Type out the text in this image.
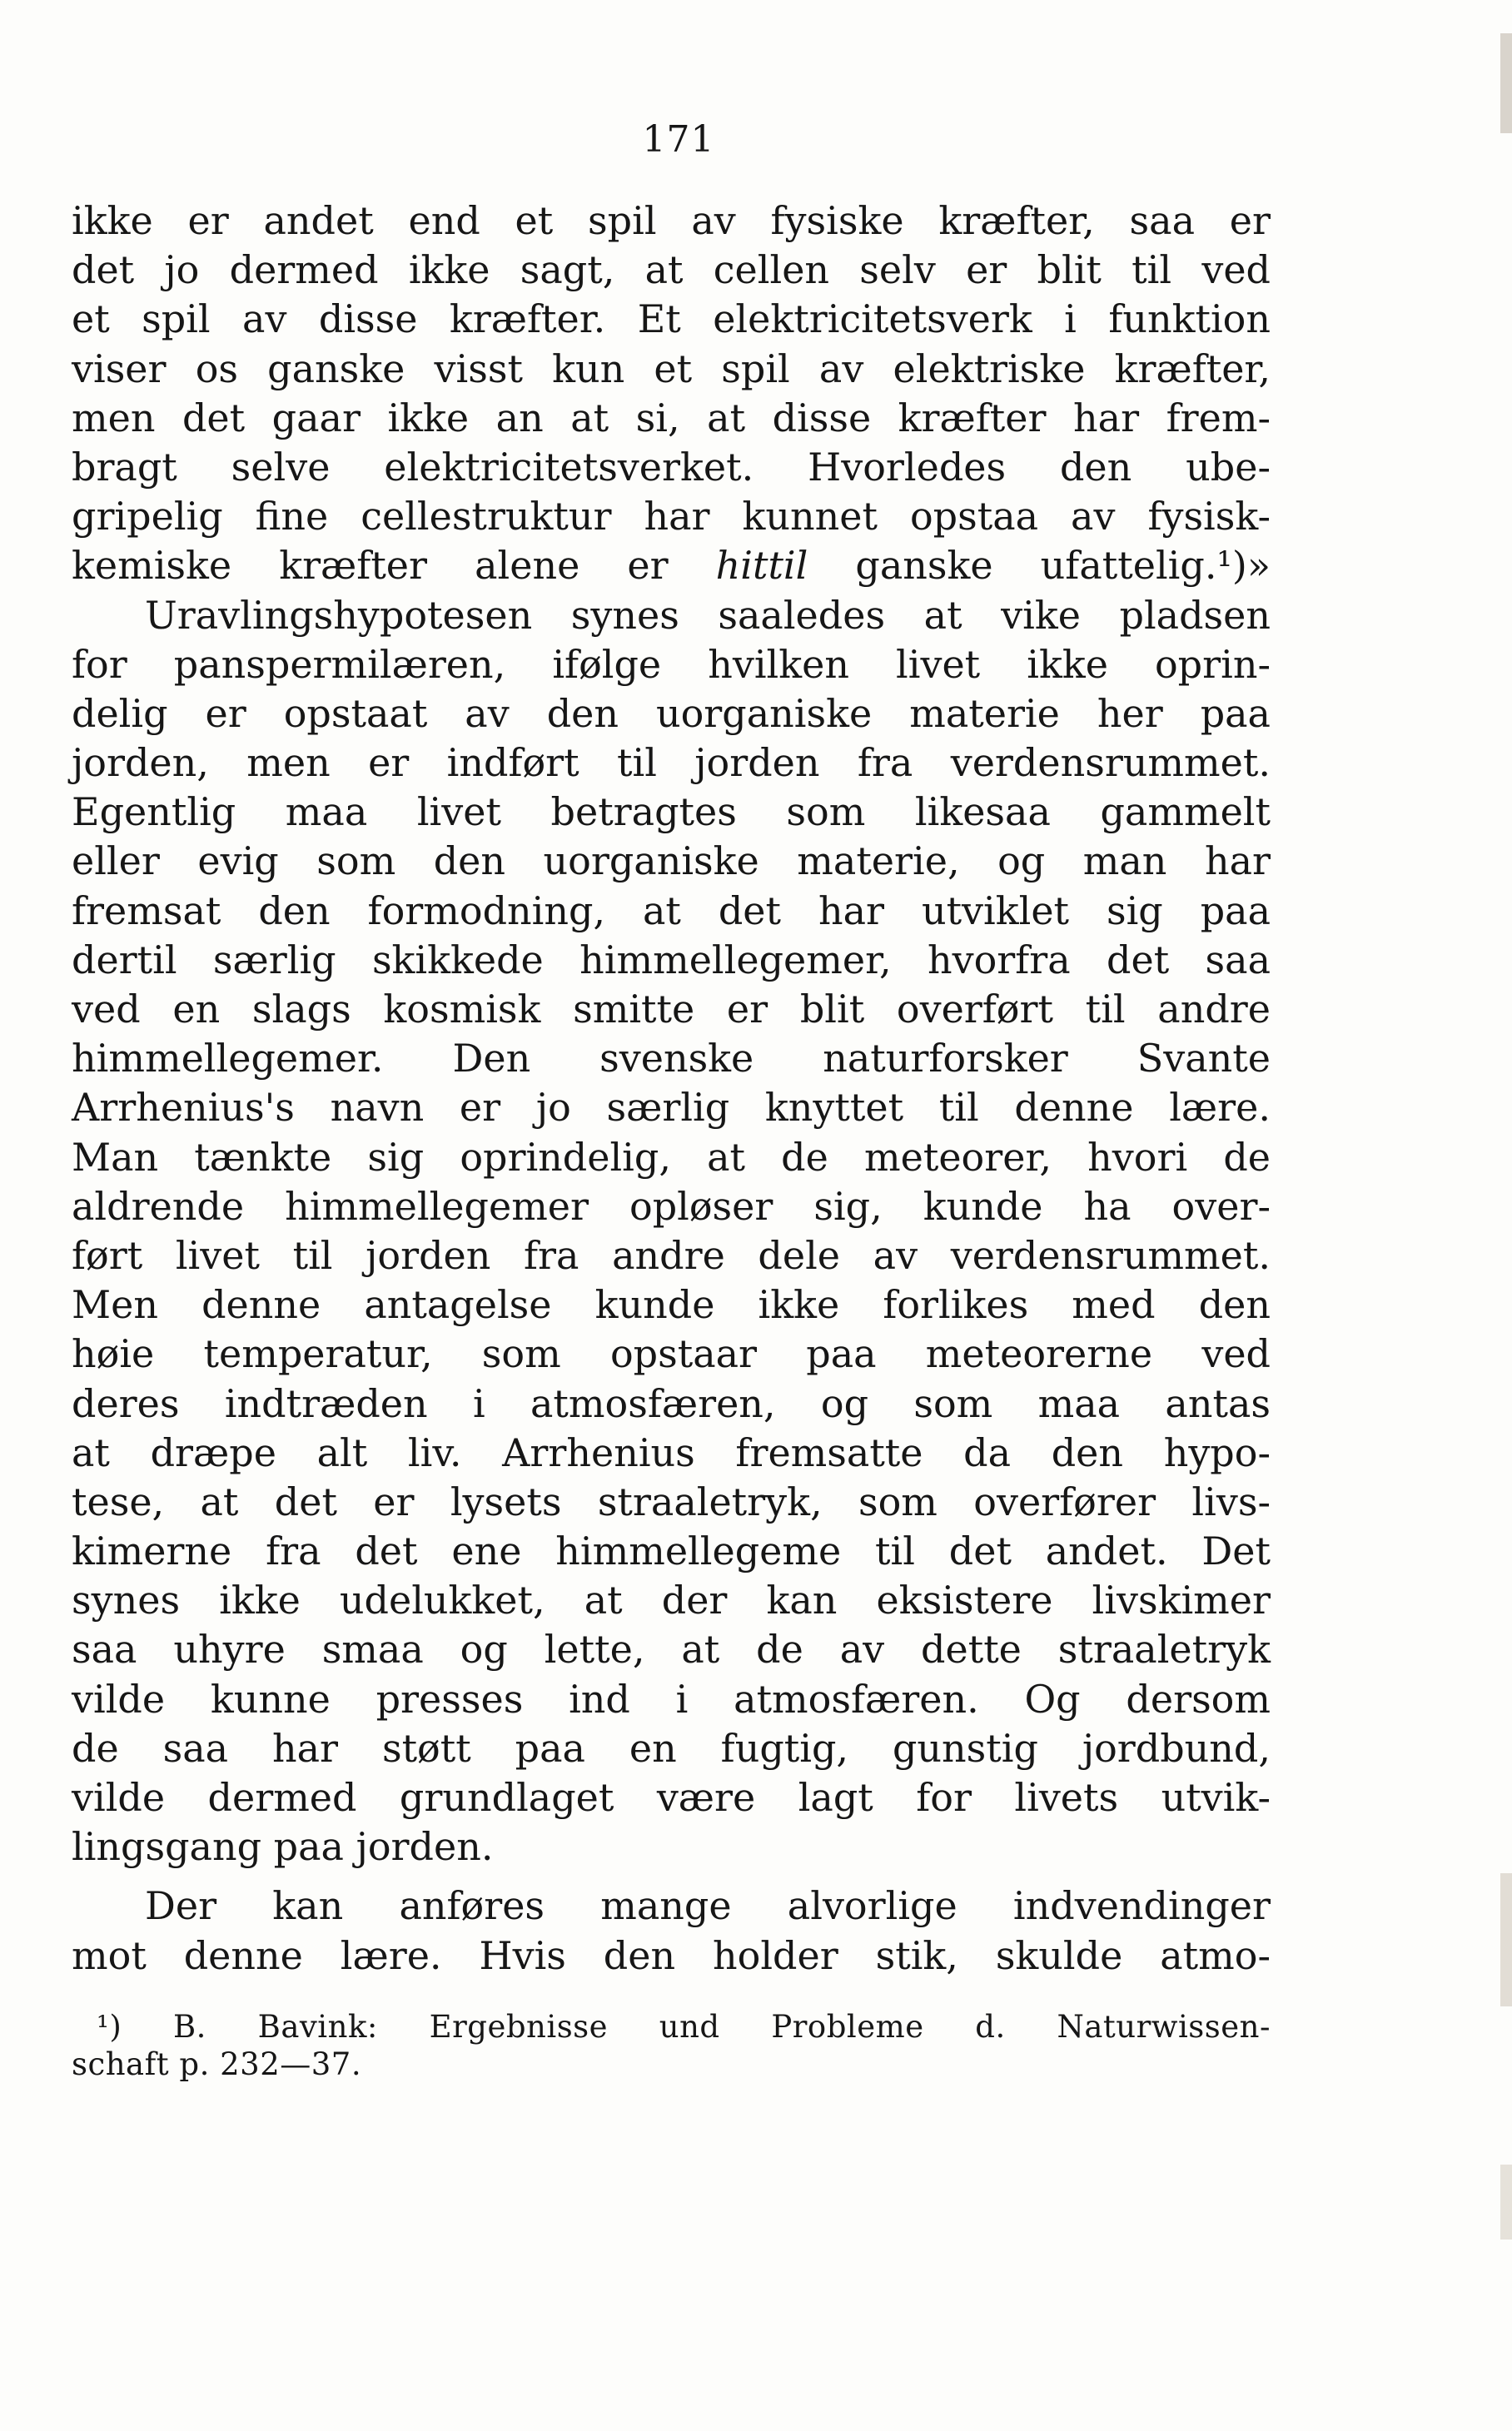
171
ikke er andet end et spil av fysiske kræfter, saa er
det jo dermed ikke sagt, at cellen selv er blit til ved
et spil av disse kræfter. Et elektricitetsverk i funktion
viser os ganske visst kun et spil av elektriske kræfter,
men det gaar ikke an at si, at disse kræfter har frem-
bragt selve elektricitetsverket. Hvorledes den ube-
gripelig fine cellestruktur har kunnet opstaa av fysisk-
kemiske kræfter alene er hittil ganske ufattelig.¹)»
Uravlingshypotesen synes saaledes at vike pladsen
for panspermilæren, ifølge hvilken livet ikke oprin-
delig er opstaat av den uorganiske materie her paa
jorden, men er indført til jorden fra verdensrummet.
Egentlig maa livet betragtes som likesaa gammelt
eller evig som den uorganiske materie, og man har
fremsat den formodning, at det har utviklet sig paa
dertil særlig skikkede himmellegemer, hvorfra det saa
ved en slags kosmisk smitte er blit overført til andre
himmellegemer. Den svenske naturforsker Svante
Arrhenius's navn er jo særlig knyttet til denne lære.
Man tænkte sig oprindelig, at de meteorer, hvori de
aldrende himmellegemer opløser sig, kunde ha over-
ført livet til jorden fra andre dele av verdensrummet.
Men denne antagelse kunde ikke forlikes med den
høie temperatur, som opstaar paa meteorerne ved
deres indtræden i atmosfæren, og som maa antas
at dræpe alt liv. Arrhenius fremsatte da den hypo-
tese, at det er lysets straaletryk, som overfører livs-
kimerne fra det ene himmellegeme til det andet. Det
synes ikke udelukket, at der kan eksistere livskimer
saa uhyre smaa og lette, at de av dette straaletryk
vilde kunne presses ind i atmosfæren. Og dersom
de saa har støtt paa en fugtig, gunstig jordbund,
vilde dermed grundlaget være lagt for livets utvik-
lingsgang paa jorden.
Der kan anføres mange alvorlige indvendinger
mot denne lære. Hvis den holder stik, skulde atmo-
¹) B. Bavink: Ergebnisse und Probleme d. Naturwissen-
schaft p. 232—37.
